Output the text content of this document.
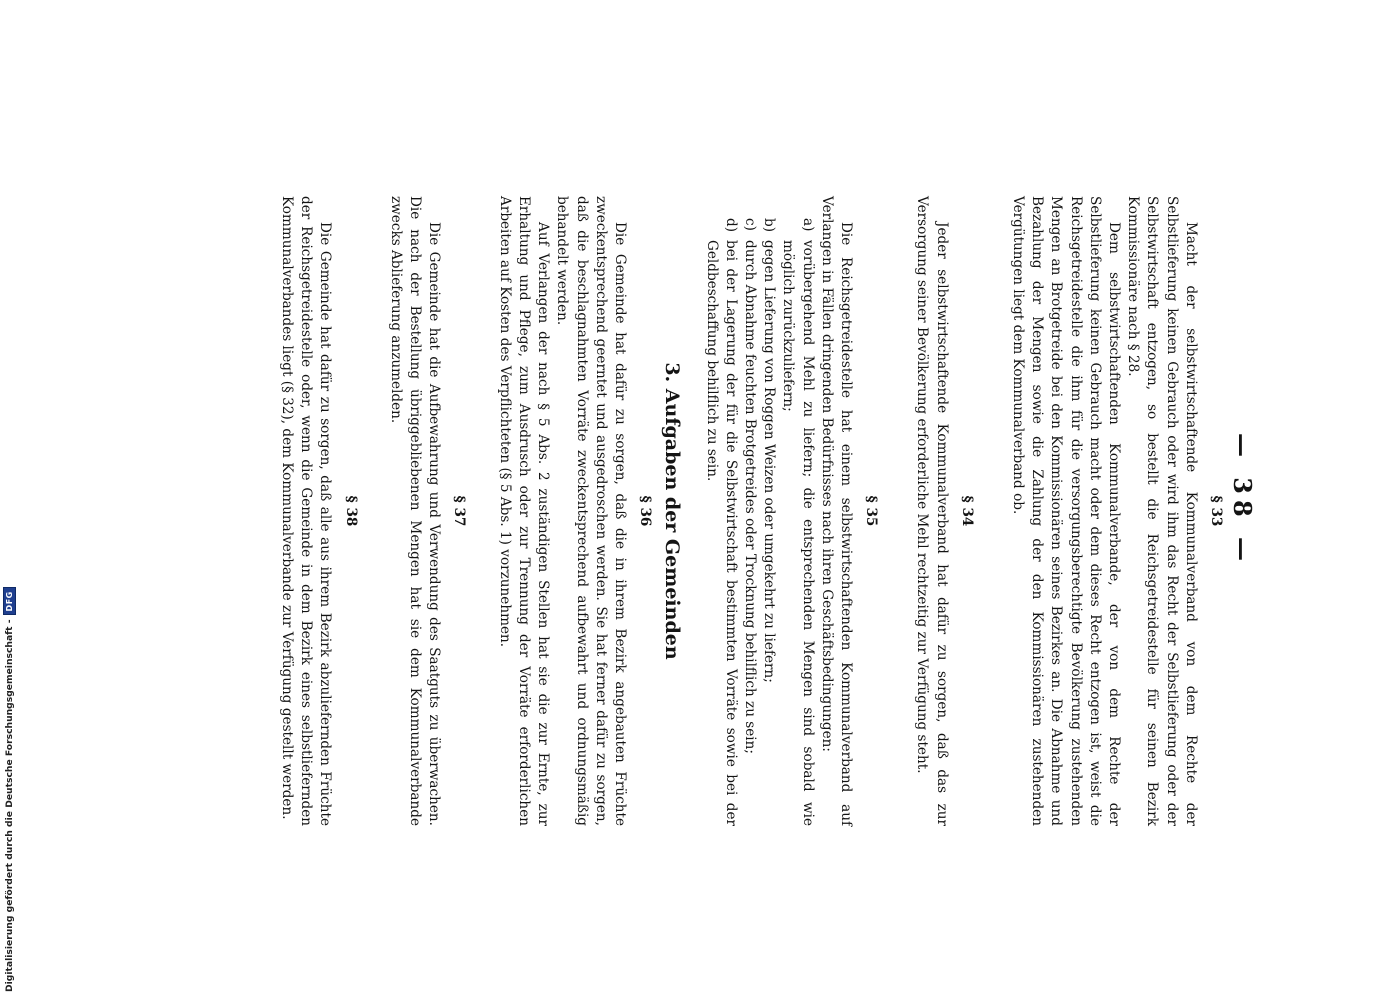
— 38 —
§ 33

Macht der selbstwirtschaftende Kommunalverband von dem Rechte der Selbstlieferung keinen Gebrauch oder wird ihm das Recht der Selbstlieferung oder der Selbstwirtschaft entzogen, so bestellt die Reichsgetreidestelle für seinen Bezirk Kommissionäre nach § 28.

Dem selbstwirtschaftenden Kommunalverbande, der von dem Rechte der Selbstlieferung keinen Gebrauch macht oder dem dieses Recht entzogen ist, weist die Reichsgetreidestelle die ihm für die versorgungsberechtigte Bevölkerung zustehenden Mengen an Brotgetreide bei den Kommissionären seines Bezirkes an. Die Abnahme und Bezahlung der Mengen sowie die Zahlung der den Kommissionären zustehenden Vergütungen liegt dem Kommunalverband ob.

§ 34

Jeder selbstwirtschaftende Kommunalverband hat dafür zu sorgen, daß das zur Versorgung seiner Bevölkerung erforderliche Mehl rechtzeitig zur Verfügung steht.

§ 35

Die Reichsgetreidestelle hat einem selbstwirtschaftenden Kommunalverband auf Verlangen in Fällen dringenden Bedürfnisses nach ihren Geschäftsbedingungen:

a)vorübergehend Mehl zu liefern; die entsprechenden Mengen sind sobald wie möglich zurückzuliefern;
b)gegen Lieferung von Roggen Weizen oder umgekehrt zu liefern;
c)durch Abnahme feuchten Brotgetreides oder Trocknung behilflich zu sein;
d)bei der Lagerung der für die Selbstwirtschaft bestimmten Vorräte sowie bei der Geldbeschaffung behilflich zu sein.
3. Aufgaben der Gemeinden
§ 36

Die Gemeinde hat dafür zu sorgen, daß die in ihrem Bezirk angebauten Früchte zweckentsprechend geerntet und ausgedroschen werden. Sie hat ferner dafür zu sorgen, daß die beschlagnahmten Vorräte zweckentsprechend aufbewahrt und ordnungsmäßig behandelt werden.

Auf Verlangen der nach § 5 Abs. 2 zuständigen Stellen hat sie die zur Ernte, zur Erhaltung und Pflege, zum Ausdrusch oder zur Trennung der Vorräte erforderlichen Arbeiten auf Kosten des Verpflichteten (§ 5 Abs. 1) vorzunehmen.

§ 37

Die Gemeinde hat die Aufbewahrung und Verwendung des Saatguts zu überwachen. Die nach der Bestellung übriggebliebenen Mengen hat sie dem Kommunalverbande zwecks Ablieferung anzumelden.

§ 38

Die Gemeinde hat dafür zu sorgen, daß alle aus ihrem Bezirk abzuliefernden Früchte der Reichsgetreidestelle oder, wenn die Gemeinde in dem Bezirk eines selbstliefernden Kommunalverbandes liegt (§ 32), dem Kommunalverbande zur Verfügung gestellt werden.

Digitalisierung gefördert durch die Deutsche Forschungsgemeinschaft -
DFG
